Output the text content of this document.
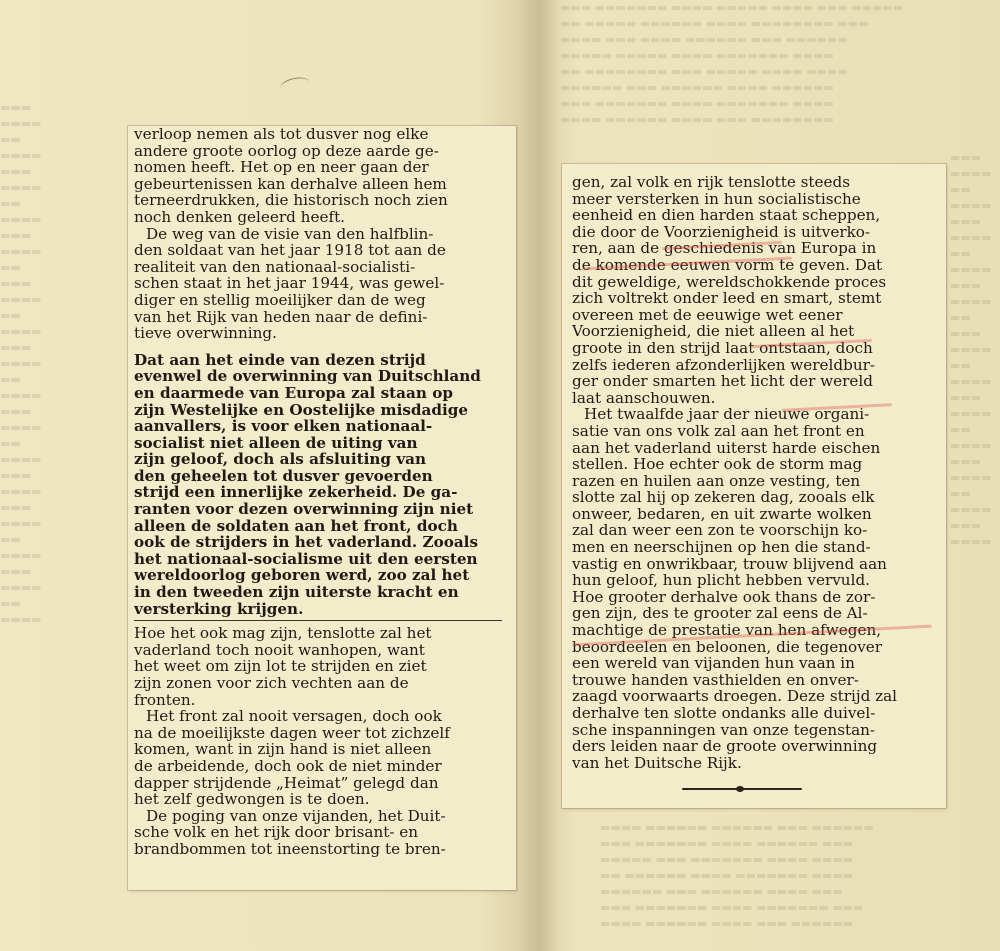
▬▬▬ ▬▬▬▬▬▬▬ ▬▬▬▬ ▬▬▬▬▬ ▬▬▬▬ ▬▬▬ ▬▬▬▬▬
▬▬ ▬▬▬▬▬ ▬▬▬▬▬▬ ▬▬▬▬ ▬▬▬▬▬▬▬▬ ▬▬▬
▬▬▬▬ ▬▬▬ ▬▬▬▬ ▬▬▬▬▬▬ ▬▬▬ ▬▬▬▬▬▬
▬▬▬▬▬ ▬▬▬▬▬ ▬▬▬▬ ▬▬▬▬▬▬▬ ▬▬▬▬
▬▬ ▬▬▬▬▬▬▬▬ ▬▬▬ ▬▬▬▬▬ ▬▬▬▬ ▬▬▬▬
▬▬▬▬▬▬ ▬▬▬ ▬▬▬▬▬▬ ▬▬▬▬ ▬▬▬▬▬▬
▬▬▬ ▬▬▬▬▬▬▬ ▬▬▬▬ ▬▬▬▬▬▬▬ ▬▬▬▬
▬▬▬▬ ▬▬▬▬▬▬ ▬▬▬▬ ▬▬▬ ▬▬▬▬▬▬▬▬
▬▬▬
▬▬▬▬
▬▬
▬▬▬▬
▬▬▬
▬▬▬▬
▬▬
▬▬▬▬
▬▬▬
▬▬▬▬
▬▬
▬▬▬
▬▬▬▬
▬▬
▬▬▬▬
▬▬▬
▬▬▬▬
▬▬
▬▬▬▬
▬▬▬
▬▬▬▬
▬▬
▬▬▬▬
▬▬▬
▬▬▬▬
▬▬▬▬ ▬▬▬▬▬▬ ▬▬▬▬▬▬ ▬▬▬ ▬▬▬▬▬▬
▬▬▬ ▬▬▬▬▬▬▬ ▬▬▬▬ ▬▬▬▬▬▬ ▬▬▬
▬▬▬▬▬ ▬▬▬ ▬▬▬▬▬▬▬ ▬▬▬▬ ▬▬▬▬
▬▬ ▬▬▬▬▬▬ ▬▬▬▬ ▬▬▬▬▬▬▬ ▬▬▬▬
▬▬▬▬▬▬ ▬▬▬ ▬▬▬▬▬▬ ▬▬▬▬ ▬▬▬
▬▬▬ ▬▬▬▬▬▬▬ ▬▬▬▬ ▬▬▬▬▬▬▬ ▬▬▬
▬▬▬▬ ▬▬▬▬▬▬ ▬▬▬▬ ▬▬▬ ▬▬▬▬▬▬
▬▬▬
▬▬▬▬
▬▬
▬▬▬▬
▬▬▬
▬▬▬▬
▬▬
▬▬▬▬
▬▬▬
▬▬▬▬
▬▬
▬▬▬
▬▬▬▬
▬▬
▬▬▬▬
▬▬▬
▬▬▬▬
▬▬
▬▬▬▬
▬▬▬
▬▬▬▬
▬▬
▬▬▬▬
▬▬▬
▬▬▬▬
▬▬▬
▬▬▬▬
▬▬
▬▬▬▬
▬▬▬
▬▬▬▬
▬▬
▬▬▬▬

verloop nemen als tot dusver nog elke
andere groote oorlog op deze aarde ge-
nomen heeft. Het op en neer gaan der
gebeurtenissen kan derhalve alleen hem
terneerdrukken, die historisch noch zien
noch denken geleerd heeft.

De weg van de visie van den halfblin-
den soldaat van het jaar 1918 tot aan de
realiteit van den nationaal-socialisti-
schen staat in het jaar 1944, was gewel-
diger en stellig moeilijker dan de weg
van het Rijk van heden naar de defini-
tieve overwinning.

Dat aan het einde van dezen strijd
evenwel de overwinning van Duitschland
en daarmede van Europa zal staan op
zijn Westelijke en Oostelijke misdadige
aanvallers, is voor elken nationaal-
socialist niet alleen de uiting van
zijn geloof, doch als afsluiting van
den geheelen tot dusver gevoerden
strijd een innerlijke zekerheid. De ga-
ranten voor dezen overwinning zijn niet
alleen de soldaten aan het front, doch
ook de strijders in het vaderland. Zooals
het nationaal-socialisme uit den eersten
wereldoorlog geboren werd, zoo zal het
in den tweeden zijn uiterste kracht en
versterking krijgen.

Hoe het ook mag zijn, tenslotte zal het
vaderland toch nooit wanhopen, want
het weet om zijn lot te strijden en ziet
zijn zonen voor zich vechten aan de
fronten.

Het front zal nooit versagen, doch ook
na de moeilijkste dagen weer tot zichzelf
komen, want in zijn hand is niet alleen
de arbeidende, doch ook de niet minder
dapper strijdende „Heimat” gelegd dan
het zelf gedwongen is te doen.

De poging van onze vijanden, het Duit-
sche volk en het rijk door brisant- en
brandbommen tot ineenstorting te bren-

gen, zal volk en rijk tenslotte steeds
meer versterken in hun socialistische
eenheid en dien harden staat scheppen,
die door de Voorzienigheid is uitverko-
ren, aan de geschiedenis van Europa in
de komende eeuwen vorm te geven. Dat
dit geweldige, wereldschokkende proces
zich voltrekt onder leed en smart, stemt
overeen met de eeuwige wet eener
Voorzienigheid, die niet alleen al het
groote in den strijd laat ontstaan, doch
zelfs iederen afzonderlijken wereldbur-
ger onder smarten het licht der wereld
laat aanschouwen.

Het twaalfde jaar der nieuwe organi-
satie van ons volk zal aan het front en
aan het vaderland uiterst harde eischen
stellen. Hoe echter ook de storm mag
razen en huilen aan onze vesting, ten
slotte zal hij op zekeren dag, zooals elk
onweer, bedaren, en uit zwarte wolken
zal dan weer een zon te voorschijn ko-
men en neerschijnen op hen die stand-
vastig en onwrikbaar, trouw blijvend aan
hun geloof, hun plicht hebben vervuld.
Hoe grooter derhalve ook thans de zor-
gen zijn, des te grooter zal eens de Al-
machtige de prestatie van hen afwegen,
beoordeelen en beloonen, die tegenover
een wereld van vijanden hun vaan in
trouwe handen vasthielden en onver-
zaagd voorwaarts droegen. Deze strijd zal
derhalve ten slotte ondanks alle duivel-
sche inspanningen van onze tegenstan-
ders leiden naar de groote overwinning
van het Duitsche Rijk.
